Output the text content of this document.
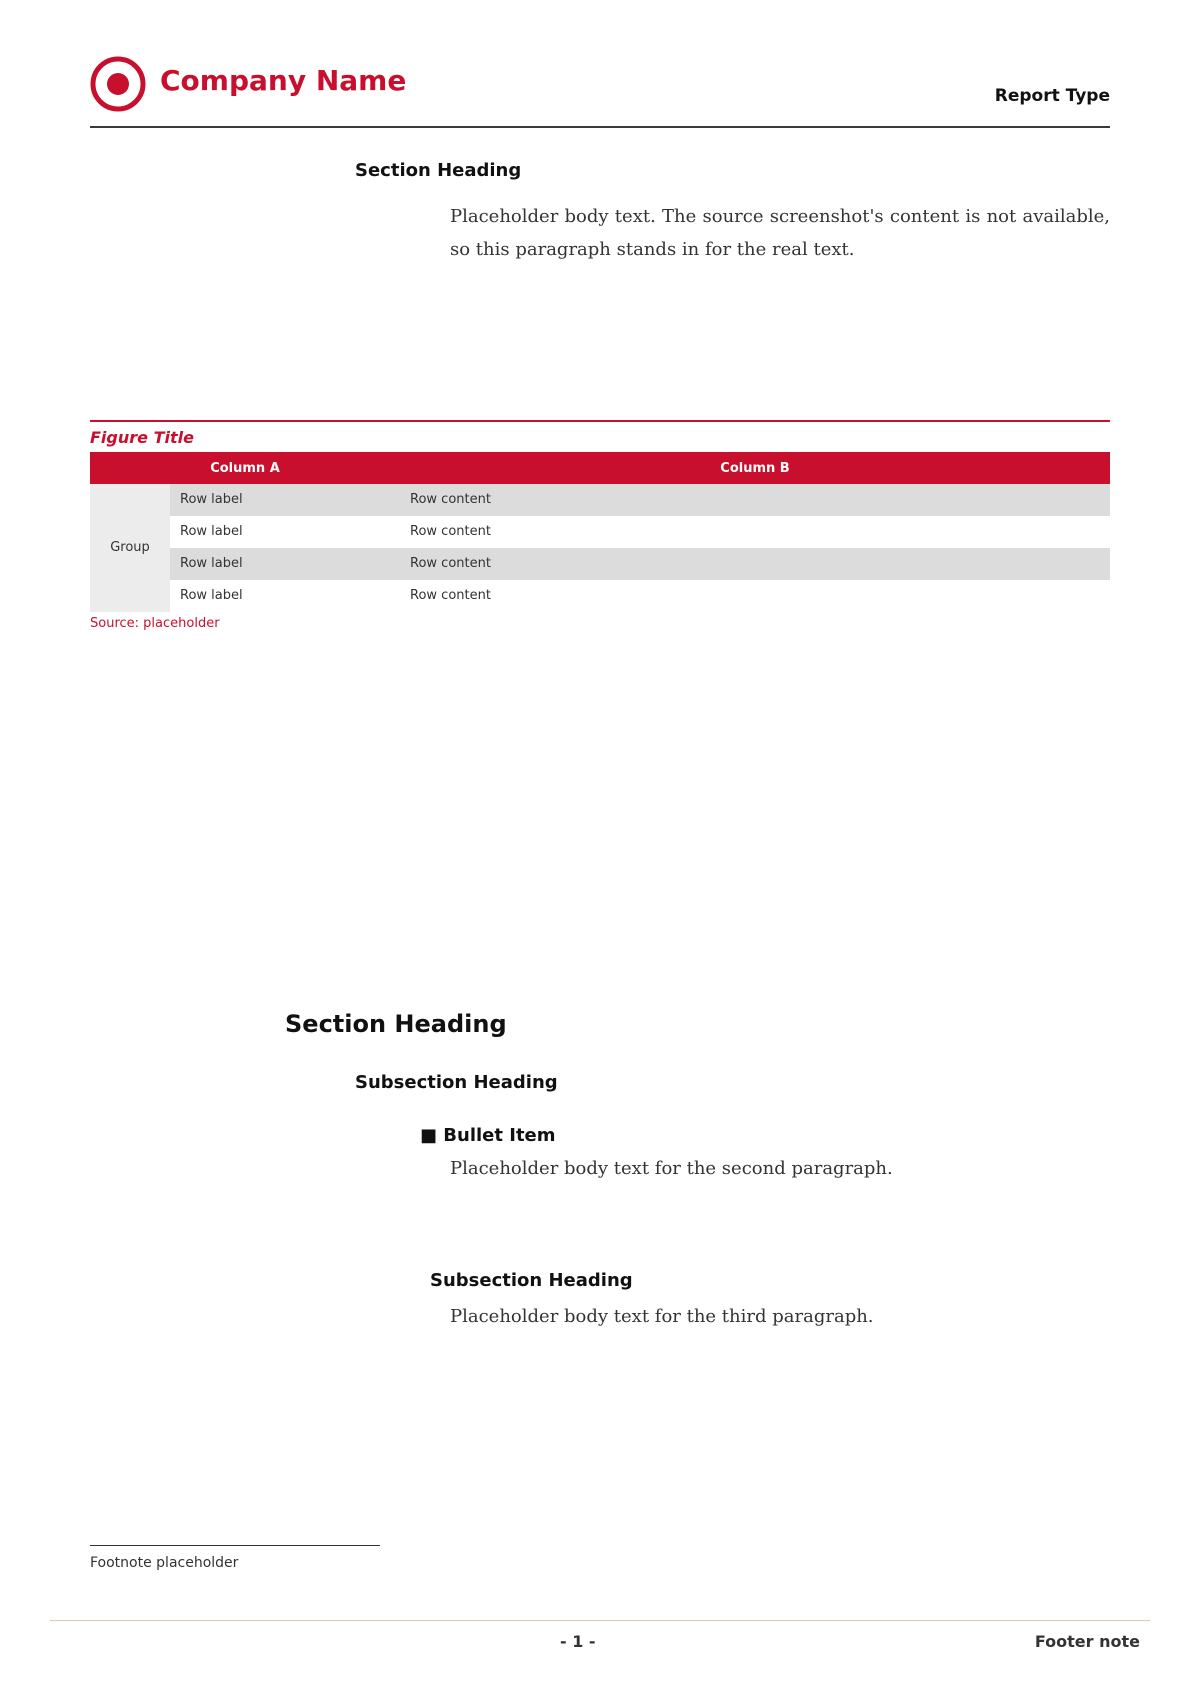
Company Name	Report Type
Section Heading
Placeholder body text. The source screenshot's content is not available, so this paragraph stands in for the real text.
Figure Title
Column A		Column B
Group	Row label	Row content
	Row label	Row content
	Row label	Row content
	Row label	Row content
Source: placeholder
Section Heading
Subsection Heading
■ Bullet Item
Placeholder body text for the second paragraph.
Subsection Heading
Placeholder body text for the third paragraph.
Footnote placeholder
- 1 -	Footer note
